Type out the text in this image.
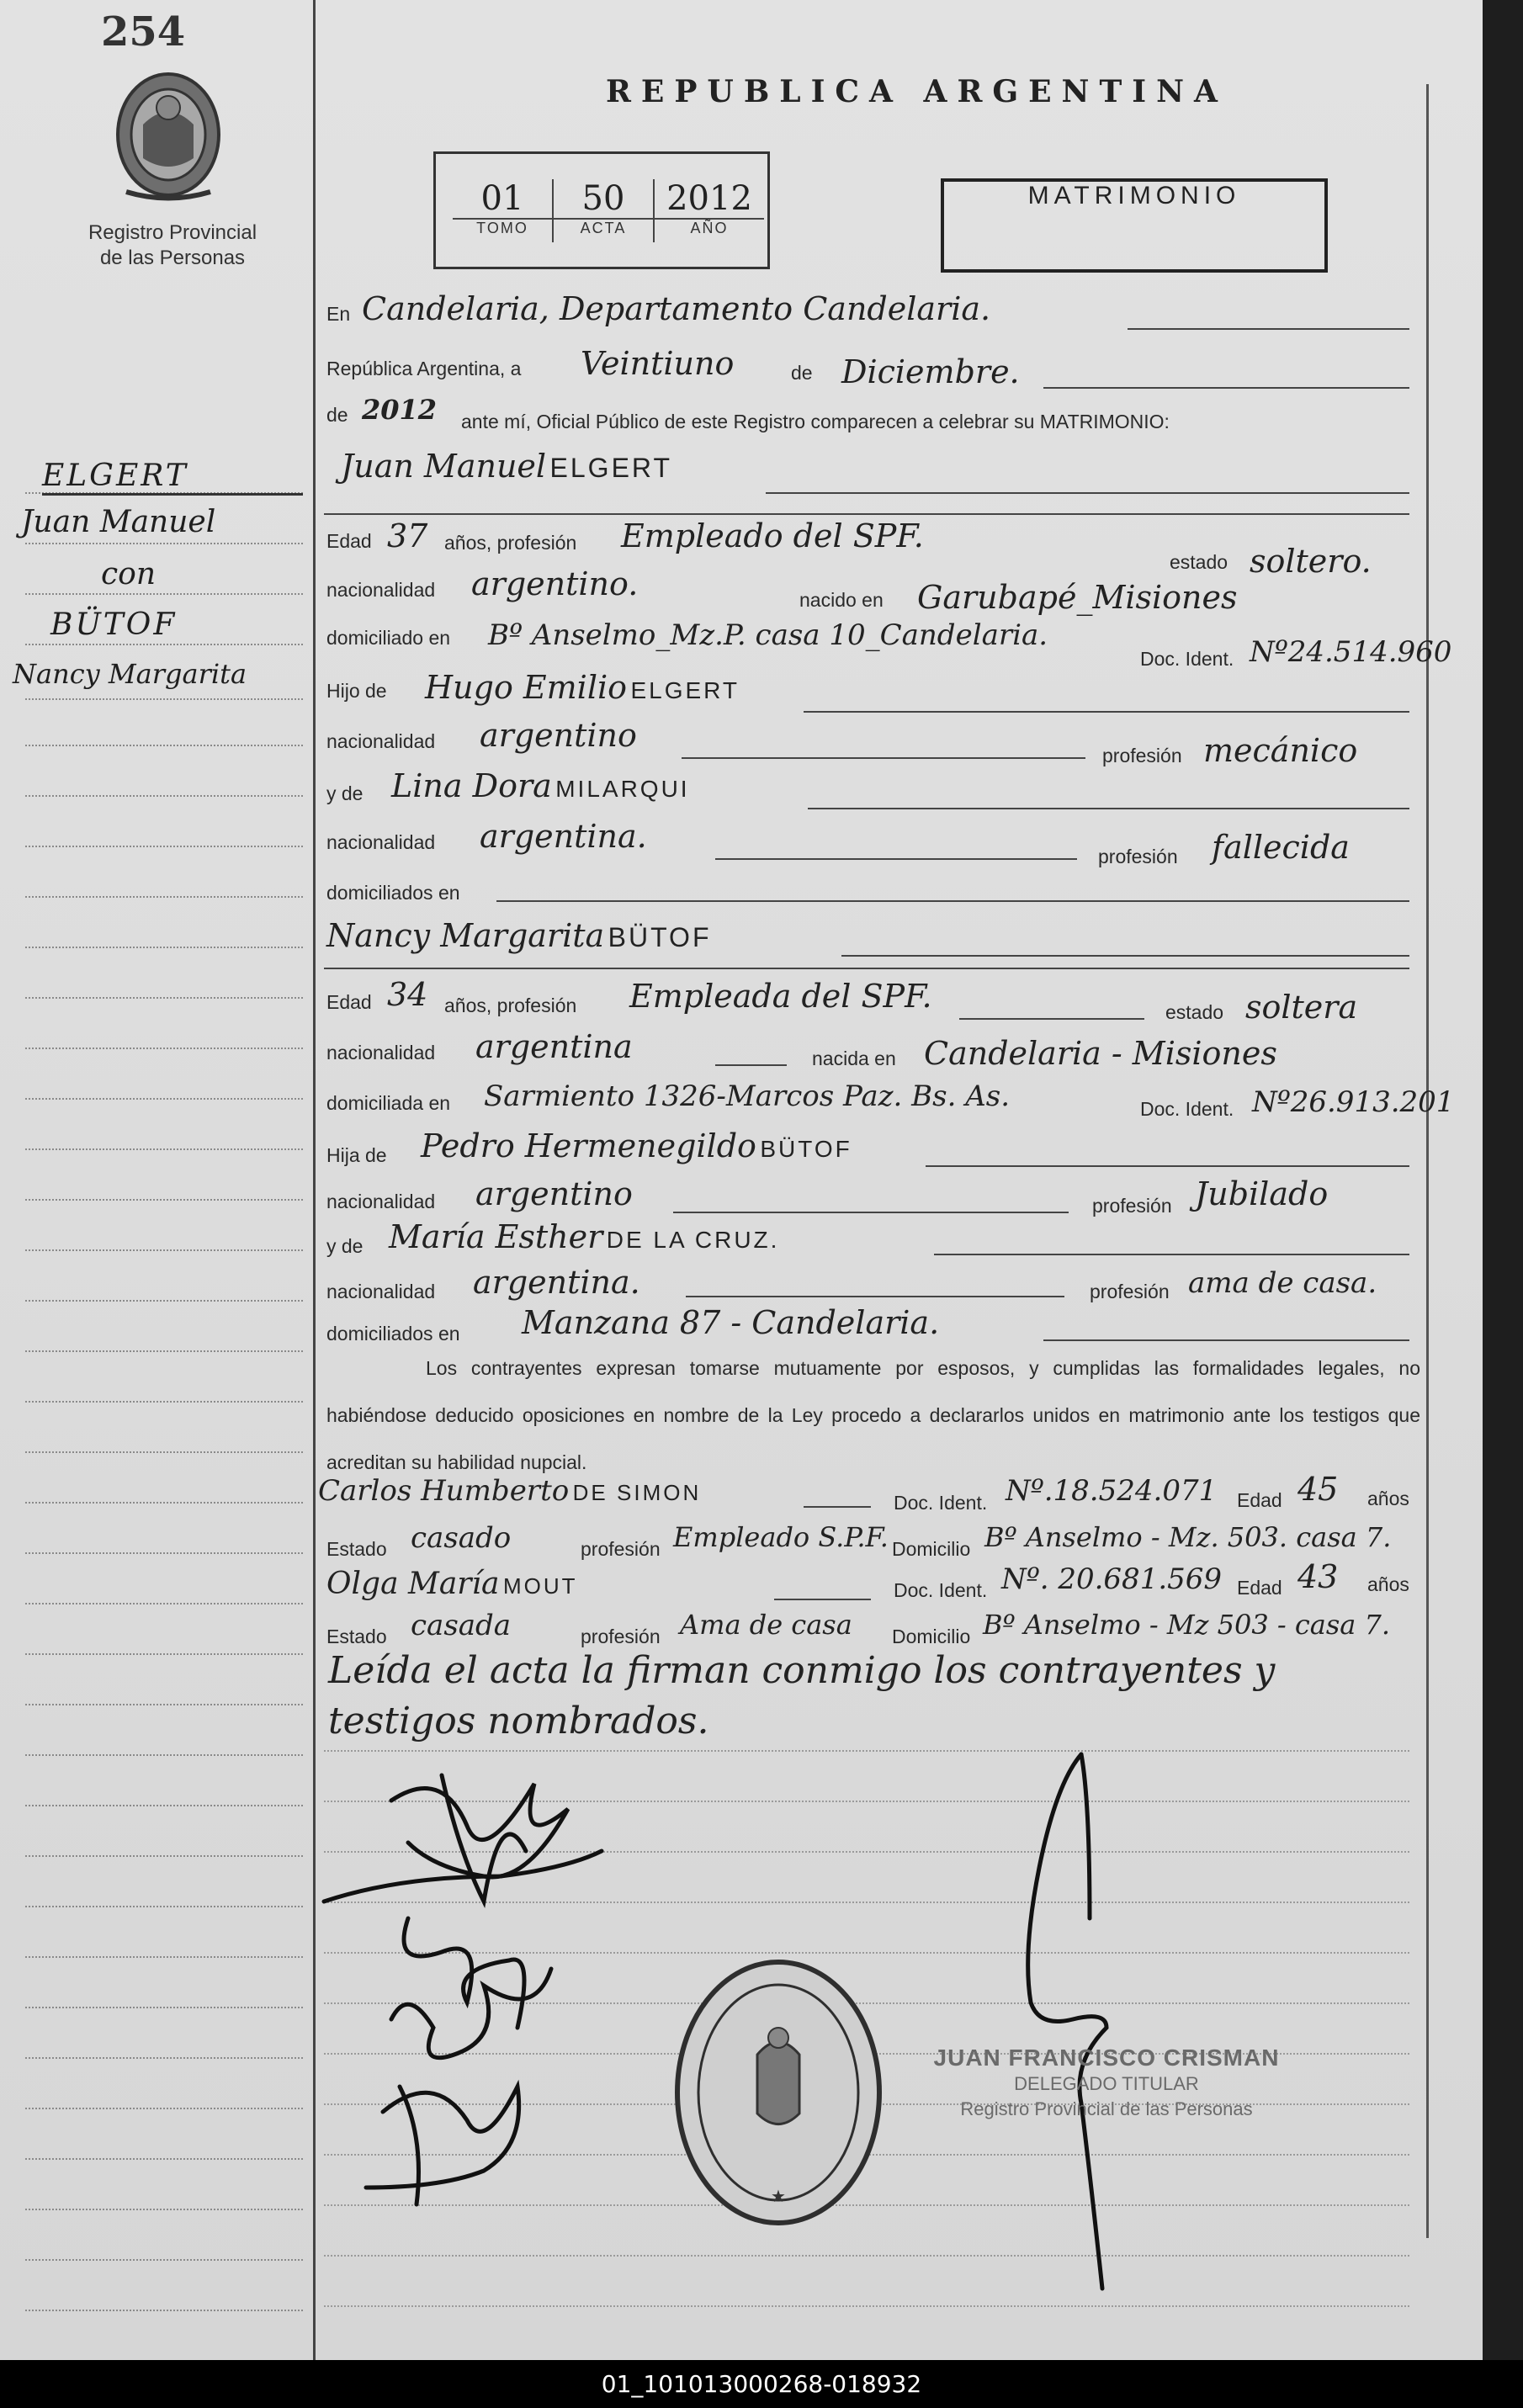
254
Registro Provincial
de las Personas
ELGERT
Juan Manuel
con
BÜTOF
Nancy Margarita
REPUBLICA ARGENTINA
01
TOMO
50
ACTA
2012
AÑO
MATRIMONIO
En Candelaria, Departamento Candelaria.
República Argentina, a Veintiuno	de Diciembre.
de 2012 ante mí, Oficial Público de este Registro comparecen a celebrar su MATRIMONIO:
Juan Manuel ELGERT
Edad 37 años, profesión Empleado del SPF.
estado soltero.
nacionalidad argentino.	nacido en Garubapé_Misiones
domiciliado en Bº Anselmo_Mz.P. casa 10_Candelaria.
Doc. Ident. Nº24.514.960
Hijo de Hugo Emilio ELGERT
nacionalidad argentino
profesión mecánico
y de Lina Dora MILARQUI
nacionalidad argentina.
profesión fallecida
domiciliados en
Nancy Margarita BÜTOF
Edad 34 años, profesión Empleada del SPF.	estado soltera
nacionalidad argentina	nacida en Candelaria - Misiones
domiciliada en Sarmiento 1326-Marcos Paz. Bs. As.	Doc. Ident. Nº26.913.201
Hija de Pedro Hermenegildo BÜTOF
nacionalidad argentino	profesión Jubilado
y de María Esther DE LA CRUZ.
nacionalidad argentina.	profesión ama de casa.
domiciliados en Manzana 87 - Candelaria.
Los contrayentes expresan tomarse mutuamente por esposos, y cumplidas las formalidades legales, no habiéndose deducido oposiciones en nombre de la Ley procedo a declararlos unidos en matrimonio ante los testigos que acreditan su habilidad nupcial.
Carlos Humberto DE SIMON	Doc. Ident. Nº.18.524.071 Edad 45 años
Estado casado	profesión Empleado S.P.F. Domicilio Bº Anselmo - Mz. 503. casa 7.
Olga María MOUT	Doc. Ident. Nº. 20.681.569 Edad 43 años
Estado casada	profesión Ama de casa Domicilio Bº Anselmo - Mz 503 - casa 7.
Leída el acta la firman conmigo los contrayentes y
testigos nombrados.
★
JUAN FRANCISCO CRISMAN
DELEGADO TITULAR
Registro Provincial de las Personas
01_101013000268-018932
